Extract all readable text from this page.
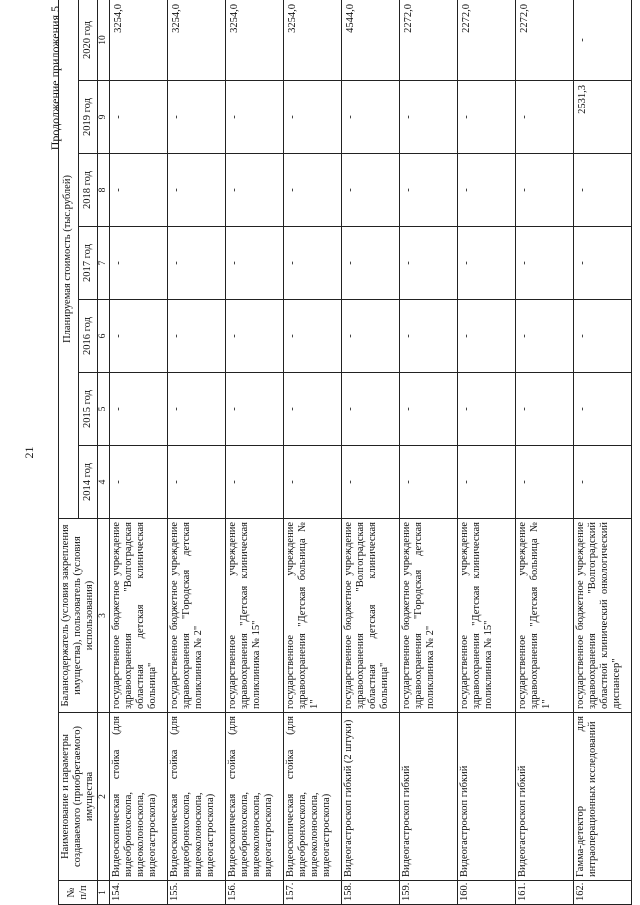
21
Продолжение приложения 5
№ п/п	Наименование и параметры создаваемого (приобретаемого) имущества	Балансодержатель (условия закрепления имущества), пользователь (условия использования)	Планируемая стоимость (тыс.рублей)						
			2014 год	2015 год	2016 год	2017 год	2018 год	2019 год	2020 год
1	2	3	4	5	6	7	8	9	10
154.	Видеоскопическая стойка (для видеобронхоскопа, видеоколоноскопа, видеогастроскопа)	государственное бюджетное учреждение здравоохранения "Волгоградская областная детская клиническая больница"	-	-	-	-	-	-	3254,0
155.	Видеоскопическая стойка (для видеобронхоскопа, видеоколоноскопа, видеогастроскопа)	государственное бюджетное учреждение здравоохранения "Городская детская поликлиника № 2"	-	-	-	-	-	-	3254,0
156.	Видеоскопическая стойка (для видеобронхоскопа, видеоколоноскопа, видеогастроскопа)	государственное учреждение здравоохранения "Детская клиническая поликлиника № 15"	-	-	-	-	-	-	3254,0
157.	Видеоскопическая стойка (для видеобронхоскопа, видеоколоноскопа, видеогастроскопа)	государственное учреждение здравоохранения "Детская больница № 1"	-	-	-	-	-	-	3254,0
158.	Видеогастроскоп гибкий (2 штуки)	государственное бюджетное учреждение здравоохранения "Волгоградская областная детская клиническая больница"	-	-	-	-	-	-	4544,0
159.	Видеогастроскоп гибкий	государственное бюджетное учреждение здравоохранения "Городская детская поликлиника № 2"	-	-	-	-	-	-	2272,0
160.	Видеогастроскоп гибкий	государственное учреждение здравоохранения "Детская клиническая поликлиника № 15"	-	-	-	-	-	-	2272,0
161.	Видеогастроскоп гибкий	государственное учреждение здравоохранения "Детская больница № 1"	-	-	-	-	-	-	2272,0
162.	Гамма-детектор для интраоперационных исследований	государственное бюджетное учреждение здравоохранения "Волгоградский областной клинический онкологический диспансер"	-	-	-	-	-	2531,3	-
